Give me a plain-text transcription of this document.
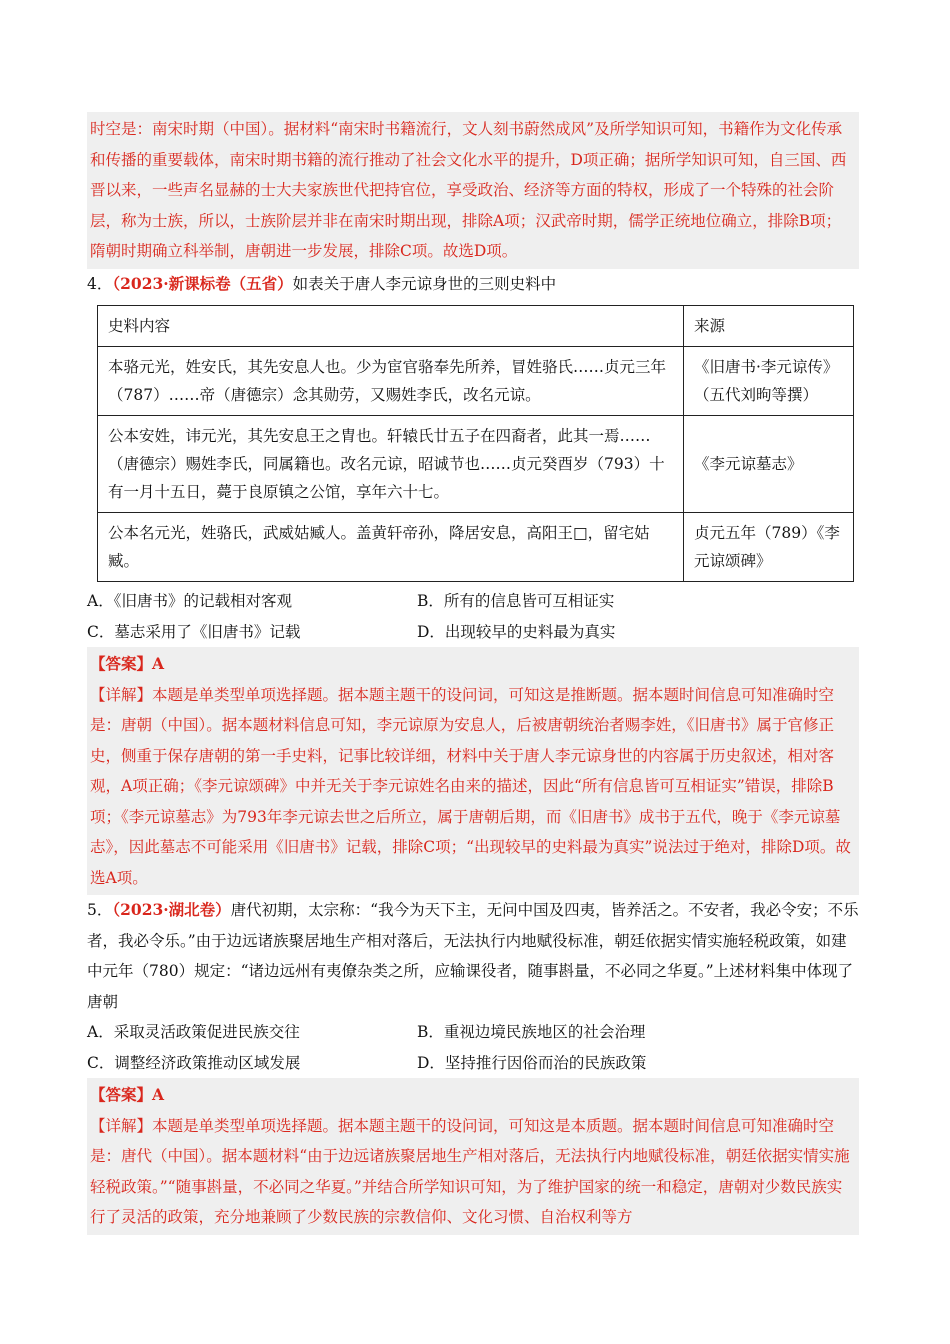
时空是：南宋时期（中国）。据材料“南宋时书籍流行，文人刻书蔚然成风”及所学知识可知，书籍作为文化传承和传播的重要载体，南宋时期书籍的流行推动了社会文化水平的提升，D项正确；据所学知识可知，自三国、西晋以来，一些声名显赫的士大夫家族世代把持官位，享受政治、经济等方面的特权，形成了一个特殊的社会阶层，称为士族，所以，士族阶层并非在南宋时期出现，排除A项；汉武帝时期，儒学正统地位确立，排除B项；隋朝时期确立科举制，唐朝进一步发展，排除C项。故选D项。
4．（2023·新课标卷（五省）如表关于唐人李元谅身世的三则史料中
史料内容	来源
本骆元光，姓安氏，其先安息人也。少为宦官骆奉先所养，冒姓骆氏……贞元三年（787）……帝（唐德宗）念其勋劳，又赐姓李氏，改名元谅。	《旧唐书·李元谅传》（五代刘昫等撰）
公本安姓，讳元光，其先安息王之胄也。轩辕氏廿五子在四裔者，此其一焉……（唐德宗）赐姓李氏，同属籍也。改名元谅，昭诚节也……贞元癸酉岁（793）十有一月十五日，薨于良原镇之公馆，享年六十七。	《李元谅墓志》
公本名元光，姓骆氏，武威姑臧人。盖黄轩帝孙，降居安息，高阳王□，留宅姑臧。	贞元五年（789）《李元谅颂碑》
A．《旧唐书》的记载相对客观	B．所有的信息皆可互相证实
C．墓志采用了《旧唐书》记载	D．出现较早的史料最为真实
【答案】A
【详解】本题是单类型单项选择题。据本题主题干的设问词，可知这是推断题。据本题时间信息可知准确时空是：唐朝（中国）。据本题材料信息可知，李元谅原为安息人，后被唐朝统治者赐李姓，《旧唐书》属于官修正史，侧重于保存唐朝的第一手史料，记事比较详细，材料中关于唐人李元谅身世的内容属于历史叙述，相对客观，A项正确；《李元谅颂碑》中并无关于李元谅姓名由来的描述，因此“所有信息皆可互相证实”错误，排除B项；《李元谅墓志》为793年李元谅去世之后所立，属于唐朝后期，而《旧唐书》成书于五代，晚于《李元谅墓志》，因此墓志不可能采用《旧唐书》记载，排除C项；“出现较早的史料最为真实”说法过于绝对，排除D项。故选A项。
5．（2023·湖北卷）唐代初期，太宗称：“我今为天下主，无问中国及四夷，皆养活之。不安者，我必令安；不乐者，我必令乐。”由于边远诸族聚居地生产相对落后，无法执行内地赋役标准，朝廷依据实情实施轻税政策，如建中元年（780）规定：“诸边远州有夷僚杂类之所，应输课役者，随事斟量，不必同之华夏。”上述材料集中体现了唐朝
A．采取灵活政策促进民族交往	B．重视边境民族地区的社会治理
C．调整经济政策推动区域发展	D．坚持推行因俗而治的民族政策
【答案】A
【详解】本题是单类型单项选择题。据本题主题干的设问词，可知这是本质题。据本题时间信息可知准确时空是：唐代（中国）。据本题材料“由于边远诸族聚居地生产相对落后，无法执行内地赋役标准，朝廷依据实情实施轻税政策。”“随事斟量，不必同之华夏。”并结合所学知识可知，为了维护国家的统一和稳定，唐朝对少数民族实行了灵活的政策，充分地兼顾了少数民族的宗教信仰、文化习惯、自治权利等方
